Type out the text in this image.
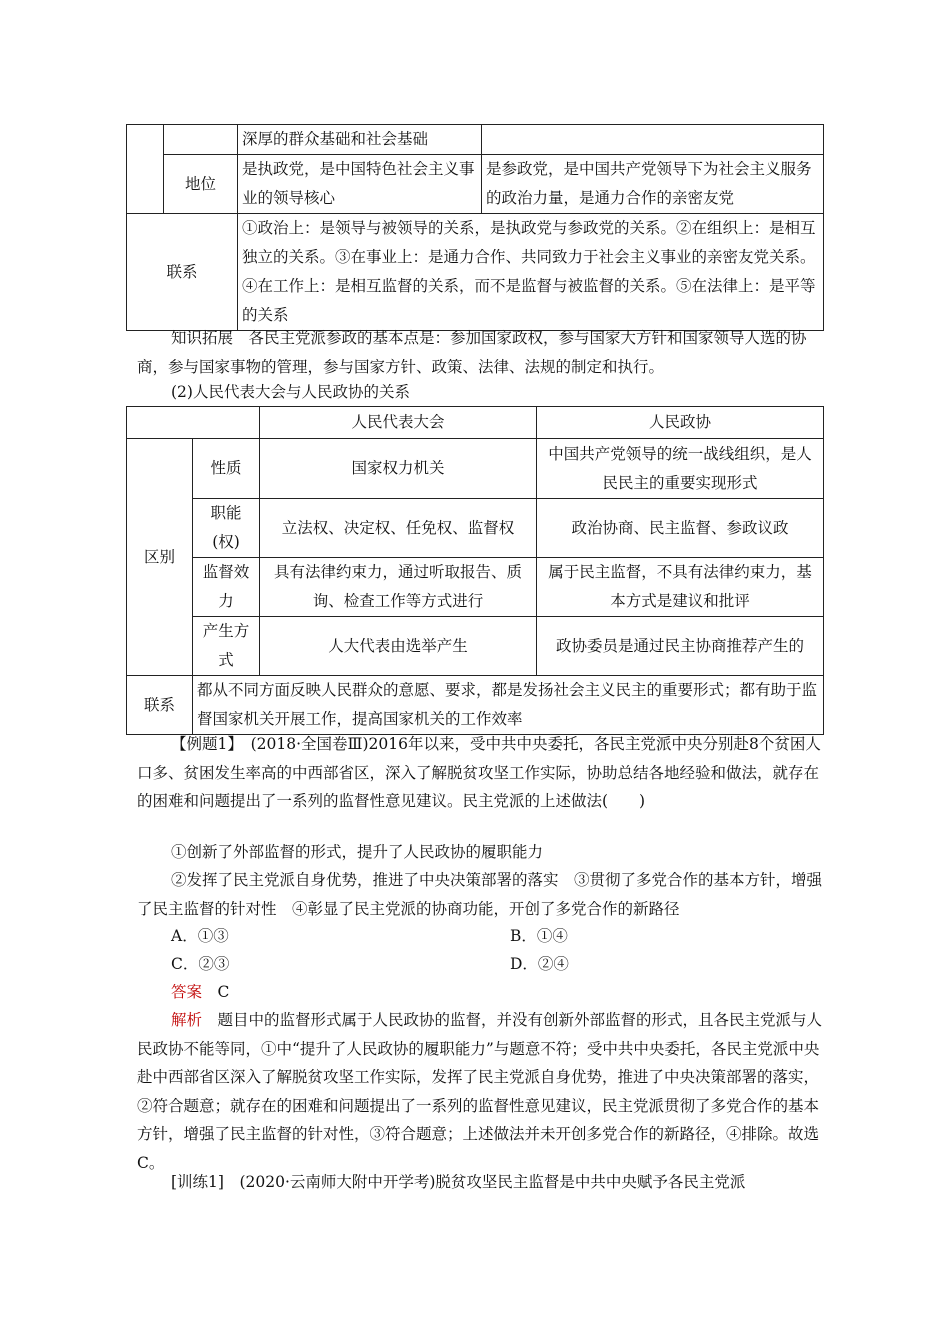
		深厚的群众基础和社会基础	
	地位	是执政党，是中国特色社会主义事业的领导核心	是参政党，是中国共产党领导下为社会主义服务的政治力量，是通力合作的亲密友党
联系		①政治上：是领导与被领导的关系，是执政党与参政党的关系。②在组织上：是相互独立的关系。③在事业上：是通力合作、共同致力于社会主义事业的亲密友党关系。④在工作上：是相互监督的关系，而不是监督与被监督的关系。⑤在法律上：是平等的关系	
知识拓展　各民主党派参政的基本点是：参加国家政权，参与国家大方针和国家领导人选的协商，参与国家事物的管理，参与国家方针、政策、法律、法规的制定和执行。
(2)人民代表大会与人民政协的关系
		人民代表大会	人民政协
区别	性质	国家权力机关	中国共产党领导的统一战线组织，是人民民主的重要实现形式
	职能(权)	立法权、决定权、任免权、监督权	政治协商、民主监督、参政议政
	监督效力	具有法律约束力，通过听取报告、质询、检查工作等方式进行	属于民主监督，不具有法律约束力，基本方式是建议和批评
	产生方式	人大代表由选举产生	政协委员是通过民主协商推荐产生的
联系	都从不同方面反映人民群众的意愿、要求，都是发扬社会主义民主的重要形式；都有助于监督国家机关开展工作，提高国家机关的工作效率		
【例题1】　(2018·全国卷Ⅲ)2016年以来，受中共中央委托，各民主党派中央分别赴8个贫困人口多、贫困发生率高的中西部省区，深入了解脱贫攻坚工作实际，协助总结各地经验和做法，就存在的困难和问题提出了一系列的监督性意见建议。民主党派的上述做法(　　)
①创新了外部监督的形式，提升了人民政协的履职能力
②发挥了民主党派自身优势，推进了中央决策部署的落实　③贯彻了多党合作的基本方针，增强了民主监督的针对性　④彰显了民主党派的协商功能，开创了多党合作的新路径
A．①③	B．①④
C．②③	D．②④
答案　C
解析　题目中的监督形式属于人民政协的监督，并没有创新外部监督的形式，且各民主党派与人民政协不能等同，①中“提升了人民政协的履职能力”与题意不符；受中共中央委托，各民主党派中央赴中西部省区深入了解脱贫攻坚工作实际，发挥了民主党派自身优势，推进了中央决策部署的落实，②符合题意；就存在的困难和问题提出了一系列的监督性意见建议，民主党派贯彻了多党合作的基本方针，增强了民主监督的针对性，③符合题意；上述做法并未开创多党合作的新路径，④排除。故选C。
[训练1]　(2020·云南师大附中开学考)脱贫攻坚民主监督是中共中央赋予各民主党派
